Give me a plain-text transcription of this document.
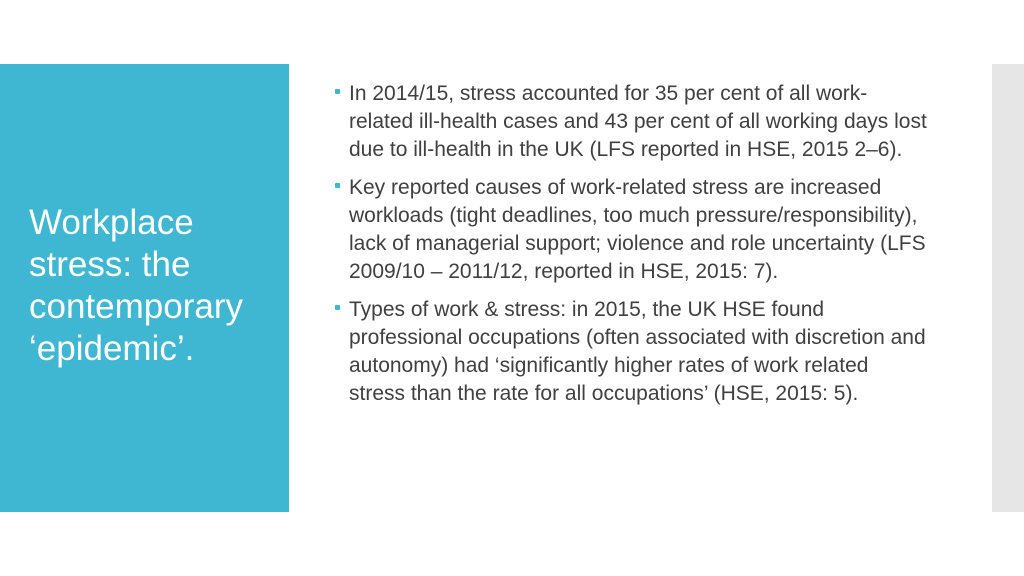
Workplace
stress: the
contemporary
‘epidemic’.
In 2014/15, stress accounted for 35 per cent of all work-related ill-health cases and 43 per cent of all working days lost due to ill-health in the UK (LFS reported in HSE, 2015 2–6).
Key reported causes of work-related stress are increased workloads (tight deadlines, too much pressure/responsibility), lack of managerial support; violence and role uncertainty (LFS 2009/10 – 2011/12, reported in HSE, 2015: 7).
Types of work & stress: in 2015, the UK HSE found professional occupations (often associated with discretion and autonomy) had ‘significantly higher rates of work related stress than the rate for all occupations’ (HSE, 2015: 5).
